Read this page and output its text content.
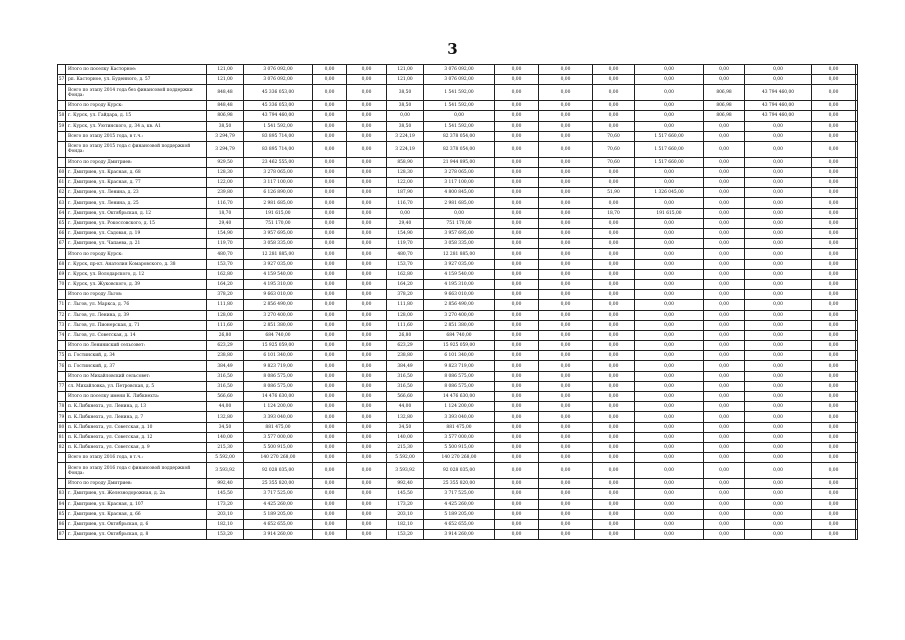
3
	Итого по поселку Касторное:	121,00	3 076 092,00	0,00	0,00	121,00	3 076 092,00	0,00	0,00	0,00	0,00	0,00	0,00	0,00		
57	рп. Касторное, ул. Буденного, д. 57	121,00	3 076 092,00	0,00	0,00	121,00	3 076 092,00	0,00	0,00	0,00	0,00	0,00	0,00	0,00		
	Всего по этапу 2014 года без финансовой поддержки Фонда:	848,48	45 336 053,00	0,00	0,00	38,50	1 541 592,00	0,00	0,00	0,00	0,00	806,98	43 794 460,00	0,00		
	Итого по городу Курск:	848,48	45 336 053,00	0,00	0,00	38,50	1 541 592,00	0,00	0,00	0,00	0,00	806,98	43 794 460,00	0,00		
58	г. Курск, ул. Гайдара, д. 15	806,98	43 794 460,00	0,00	0,00	0,00	0,00	0,00	0,00	0,00	0,00	806,98	43 794 460,00	0,00		
59	г. Курск, ул. Уютинского, д. 34 а, кв. А1	38,50	1 541 592,00	0,00	0,00	38,50	1 541 592,00	0,00	0,00	0,00	0,00	0,00	0,00	0,00		
	Всего по этапу 2015 года, в т.ч.:	3 294,79	83 895 714,00	0,00	0,00	3 224,19	82 378 054,00	0,00	0,00	70,60	1 517 660,00	0,00	0,00	0,00		
	Всего по этапу 2015 года с финансовой поддержкой Фонда:	3 294,79	83 895 714,00	0,00	0,00	3 224,19	82 378 054,00	0,00	0,00	70,60	1 517 660,00	0,00	0,00	0,00		
	Итого по городу Дмитриев:	929,50	23 462 555,00	0,00	0,00	858,90	21 944 895,00	0,00	0,00	70,60	1 517 660,00	0,00	0,00	0,00		
60	г. Дмитриев, ул. Красная, д. 68	128,30	3 278 065,00	0,00	0,00	128,30	3 278 065,00	0,00	0,00	0,00	0,00	0,00	0,00	0,00		
61	г. Дмитриев, ул. Красная, д. 77	122,00	3 117 100,00	0,00	0,00	122,00	3 117 100,00	0,00	0,00	0,00	0,00	0,00	0,00	0,00		
62	г. Дмитриев, ул. Ленина, д. 23	239,80	6 126 890,00	0,00	0,00	187,90	4 800 845,00	0,00	0,00	51,90	1 326 045,00	0,00	0,00	0,00		
63	г. Дмитриев, ул. Ленина, д. 25	116,70	2 981 685,00	0,00	0,00	116,70	2 981 685,00	0,00	0,00	0,00	0,00	0,00	0,00	0,00		
64	г. Дмитриев, ул. Октябрьская, д. 12	18,70	191 615,00	0,00	0,00	0,00	0,00	0,00	0,00	18,70	191 615,00	0,00	0,00	0,00		
65	г. Дмитриев, ул. Рокоссовского, д. 15	29,40	751 170,00	0,00	0,00	29,40	751 170,00	0,00	0,00	0,00	0,00	0,00	0,00	0,00		
66	г. Дмитриев, ул. Садовая, д. 19	154,90	3 957 695,00	0,00	0,00	154,90	3 957 695,00	0,00	0,00	0,00	0,00	0,00	0,00	0,00		
67	г. Дмитриев, ул. Чапаева, д. 21	119,70	3 058 335,00	0,00	0,00	119,70	3 058 335,00	0,00	0,00	0,00	0,00	0,00	0,00	0,00		
	Итого по городу Курск:	480,70	12 281 885,00	0,00	0,00	480,70	12 281 885,00	0,00	0,00	0,00	0,00	0,00	0,00	0,00		
68	г. Курск, пр-кт. Анатолия Комаровского, д. 38	153,70	3 927 035,00	0,00	0,00	153,70	3 927 035,00	0,00	0,00	0,00	0,00	0,00	0,00	0,00		
69	г. Курск, ул. Володарского, д. 12	162,80	4 159 540,00	0,00	0,00	162,80	4 159 540,00	0,00	0,00	0,00	0,00	0,00	0,00	0,00		
70	г. Курск, ул. Жуковского, д. 39	164,20	4 195 310,00	0,00	0,00	164,20	4 195 310,00	0,00	0,00	0,00	0,00	0,00	0,00	0,00		
	Итого по городу Льгов:	378,20	9 663 010,00	0,00	0,00	378,20	9 663 010,00	0,00	0,00	0,00	0,00	0,00	0,00	0,00		
71	г. Льгов, ул. Маркса, д. 76	111,80	2 856 490,00	0,00	0,00	111,80	2 856 490,00	0,00	0,00	0,00	0,00	0,00	0,00	0,00		
72	г. Льгов, ул. Ленина, д. 39	128,00	3 270 400,00	0,00	0,00	128,00	3 270 400,00	0,00	0,00	0,00	0,00	0,00	0,00	0,00		
73	г. Льгов, ул. Пионерская, д. 71	111,60	2 851 380,00	0,00	0,00	111,60	2 851 380,00	0,00	0,00	0,00	0,00	0,00	0,00	0,00		
74	г. Льгов, ул. Советская, д. 14	26,80	684 740,00	0,00	0,00	26,80	684 740,00	0,00	0,00	0,00	0,00	0,00	0,00	0,00		
	Итого по Лениниский сельсовет:	623,29	15 925 059,00	0,00	0,00	623,29	15 925 059,00	0,00	0,00	0,00	0,00	0,00	0,00	0,00		
75	п. Гостинский, д. 34	238,80	6 101 340,00	0,00	0,00	238,80	6 101 340,00	0,00	0,00	0,00	0,00	0,00	0,00	0,00		
76	п. Гостинский, д. 37	384,49	9 823 719,00	0,00	0,00	384,49	9 823 719,00	0,00	0,00	0,00	0,00	0,00	0,00	0,00		
	Итого по Михайловский сельсовет:	316,50	8 086 575,00	0,00	0,00	316,50	8 086 575,00	0,00	0,00	0,00	0,00	0,00	0,00	0,00		
77	сл. Михайловка, ул. Петровская, д. 5	316,50	8 086 575,00	0,00	0,00	316,50	8 086 575,00	0,00	0,00	0,00	0,00	0,00	0,00	0,00		
	Итого по поселку имени К. Либкнехта:	566,60	14 476 630,00	0,00	0,00	566,60	14 476 630,00	0,00	0,00	0,00	0,00	0,00	0,00	0,00		
78	п. К.Либкнехта, ул. Ленина, д. 13	44,00	1 124 200,00	0,00	0,00	44,00	1 124 200,00	0,00	0,00	0,00	0,00	0,00	0,00	0,00		
79	п. К.Либкнехта, ул. Ленина, д. 7	132,80	3 393 040,00	0,00	0,00	132,80	3 393 040,00	0,00	0,00	0,00	0,00	0,00	0,00	0,00		
80	п. К.Либкнехта, ул. Советская, д. 10	34,50	881 475,00	0,00	0,00	34,50	881 475,00	0,00	0,00	0,00	0,00	0,00	0,00	0,00		
81	п. К.Либкнехта, ул. Советская, д. 12	140,00	3 577 000,00	0,00	0,00	140,00	3 577 000,00	0,00	0,00	0,00	0,00	0,00	0,00	0,00		
82	п. К.Либкнехта, ул. Советская, д. 9	215,30	5 500 915,00	0,00	0,00	215,30	5 500 915,00	0,00	0,00	0,00	0,00	0,00	0,00	0,00		
	Всего по этапу 2016 года, в т.ч.:	5 592,00	140 270 268,00	0,00	0,00	5 592,00	140 270 268,00	0,00	0,00	0,00	0,00	0,00	0,00	0,00		
	Всего по этапу 2016 года с финансовой поддержкой Фонда:	3 593,92	92 028 035,00	0,00	0,00	3 593,92	92 028 035,00	0,00	0,00	0,00	0,00	0,00	0,00	0,00		
	Итого по городу Дмитриев:	992,40	25 355 820,00	0,00	0,00	992,40	25 355 820,00	0,00	0,00	0,00	0,00	0,00	0,00	0,00		
83	г. Дмитриев, ул. Железнодорожная, д. 2а	145,50	3 717 525,00	0,00	0,00	145,50	3 717 525,00	0,00	0,00	0,00	0,00	0,00	0,00	0,00		
84	г. Дмитриев, ул. Красная, д. 107	173,20	4 425 260,00	0,00	0,00	173,20	4 425 260,00	0,00	0,00	0,00	0,00	0,00	0,00	0,00		
85	г. Дмитриев, ул. Красная, д. 66	203,10	5 189 205,00	0,00	0,00	203,10	5 189 205,00	0,00	0,00	0,00	0,00	0,00	0,00	0,00		
86	г. Дмитриев, ул. Октябрьская, д. 6	182,10	4 652 655,00	0,00	0,00	182,10	4 652 655,00	0,00	0,00	0,00	0,00	0,00	0,00	0,00		
87	г. Дмитриев, ул. Октябрьская, д. 8	153,20	3 914 260,00	0,00	0,00	153,20	3 914 260,00	0,00	0,00	0,00	0,00	0,00	0,00	0,00		
